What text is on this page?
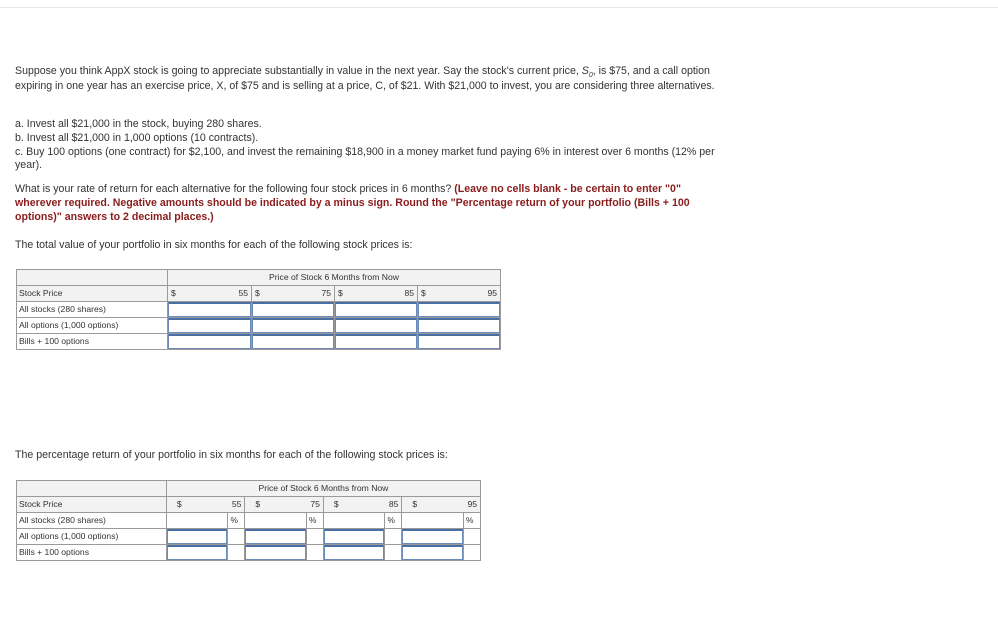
Suppose you think AppX stock is going to appreciate substantially in value in the next year. Say the stock's current price, $S_0$, is $75, and a call option expiring in one year has an exercise price, X, of $75 and is selling at a price, C, of $21. With $21,000 to invest, you are considering three alternatives.

a. Invest all $21,000 in the stock, buying 280 shares.

b. Invest all $21,000 in 1,000 options (10 contracts).

c. Buy 100 options (one contract) for $2,100, and invest the remaining $18,900 in a money market fund paying 6% in interest over 6 months (12% per year).

What is your rate of return for each alternative for the following four stock prices in 6 months? (Leave no cells blank - be certain to enter "0" wherever required. Negative amounts should be indicated by a minus sign. Round the "Percentage return of your portfolio (Bills + 100 options)" answers to 2 decimal places.)

The total value of your portfolio in six months for each of the following stock prices is:
	Price of Stock 6 Months from Now			
Stock Price	$ 55	$ 75	$ 85	$ 95

All stocks (280 shares)	

All options (1,000 options)	

Bills + 100 options	

The percentage return of your portfolio in six months for each of the following stock prices is:
	Price of Stock 6 Months from Now							
Stock Price	$ 55		$ 75		$ 85		$ 95	

All stocks (280 shares)		%		%		%		%
All options (1,000 options)	

Bills + 100 options	
